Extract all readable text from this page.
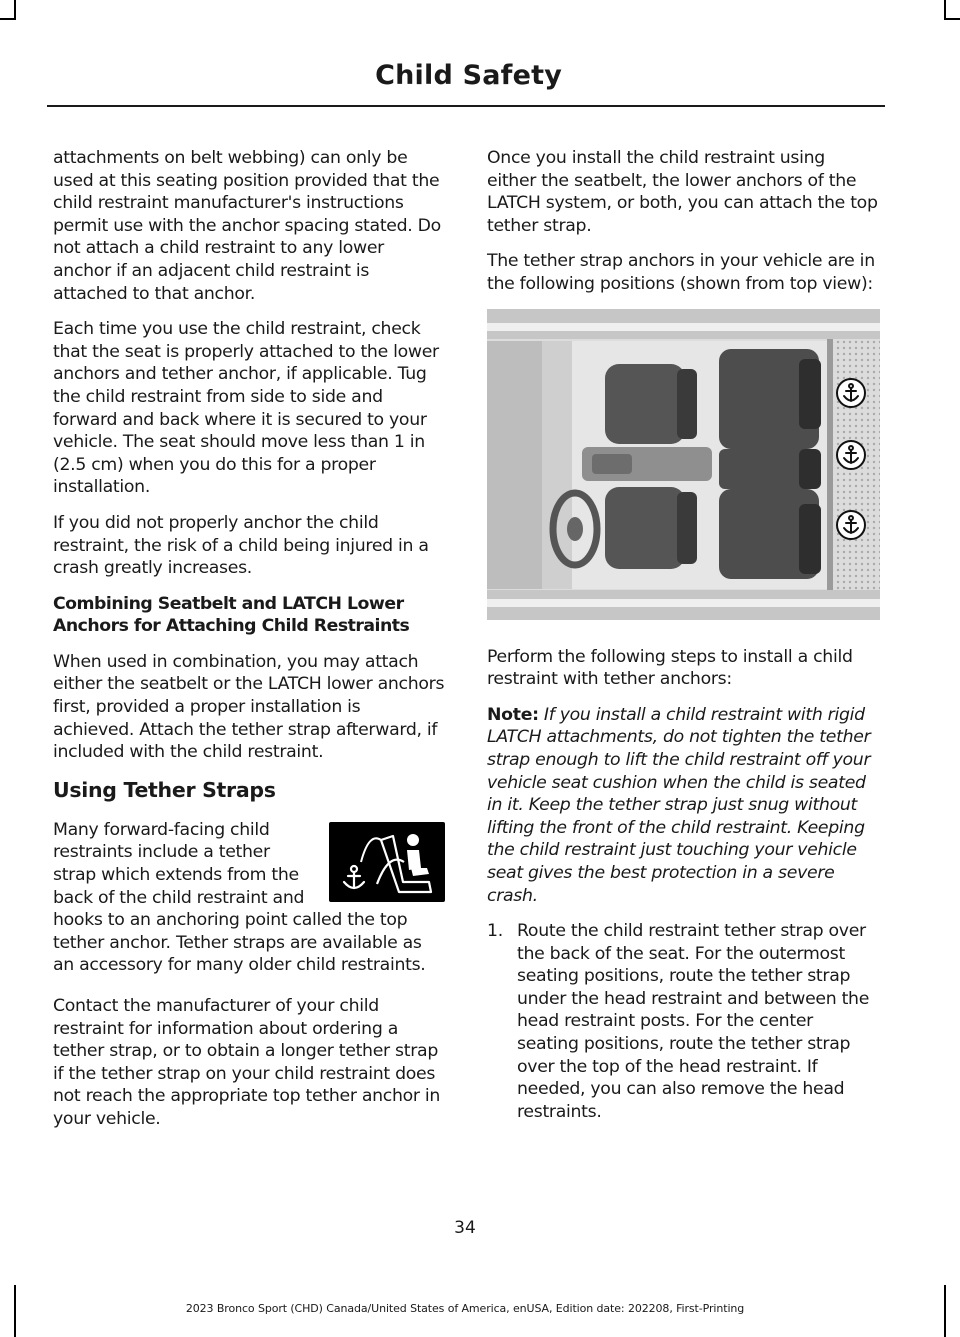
Child Safety

attachments on belt webbing) can only be used at this seating position provided that the child restraint manufacturer's instructions permit use with the anchor spacing stated. Do not attach a child restraint to any lower anchor if an adjacent child restraint is attached to that anchor.

Each time you use the child restraint, check that the seat is properly attached to the lower anchors and tether anchor, if applicable. Tug the child restraint from side to side and forward and back where it is secured to your vehicle. The seat should move less than 1 in (2.5 cm) when you do this for a proper installation.

If you did not properly anchor the child restraint, the risk of a child being injured in a crash greatly increases.

Combining Seatbelt and LATCH Lower Anchors for Attaching Child Restraints

When used in combination, you may attach either the seatbelt or the LATCH lower anchors first, provided a proper installation is achieved. Attach the tether strap afterward, if included with the child restraint.

Using Tether Straps

Many forward-facing child restraints include a tether strap which extends from the back of the child restraint and hooks to an anchoring point called the top tether anchor. Tether straps are available as an accessory for many older child restraints.

Contact the manufacturer of your child restraint for information about ordering a tether strap, or to obtain a longer tether strap if the tether strap on your child restraint does not reach the appropriate top tether anchor in your vehicle.

Once you install the child restraint using either the seatbelt, the lower anchors of the LATCH system, or both, you can attach the top tether strap.

The tether strap anchors in your vehicle are in the following positions (shown from top view):

Perform the following steps to install a child restraint with tether anchors:

Note: If you install a child restraint with rigid LATCH attachments, do not tighten the tether strap enough to lift the child restraint off your vehicle seat cushion when the child is seated in it. Keep the tether strap just snug without lifting the front of the child restraint. Keeping the child restraint just touching your vehicle seat gives the best protection in a severe crash.

1. Route the child restraint tether strap over the back of the seat. For the outermost seating positions, route the tether strap under the head restraint and between the head restraint posts. For the center seating positions, route the tether strap over the top of the head restraint. If needed, you can also remove the head restraints.
34
2023 Bronco Sport (CHD) Canada/United States of America, enUSA, Edition date: 202208, First-Printing
